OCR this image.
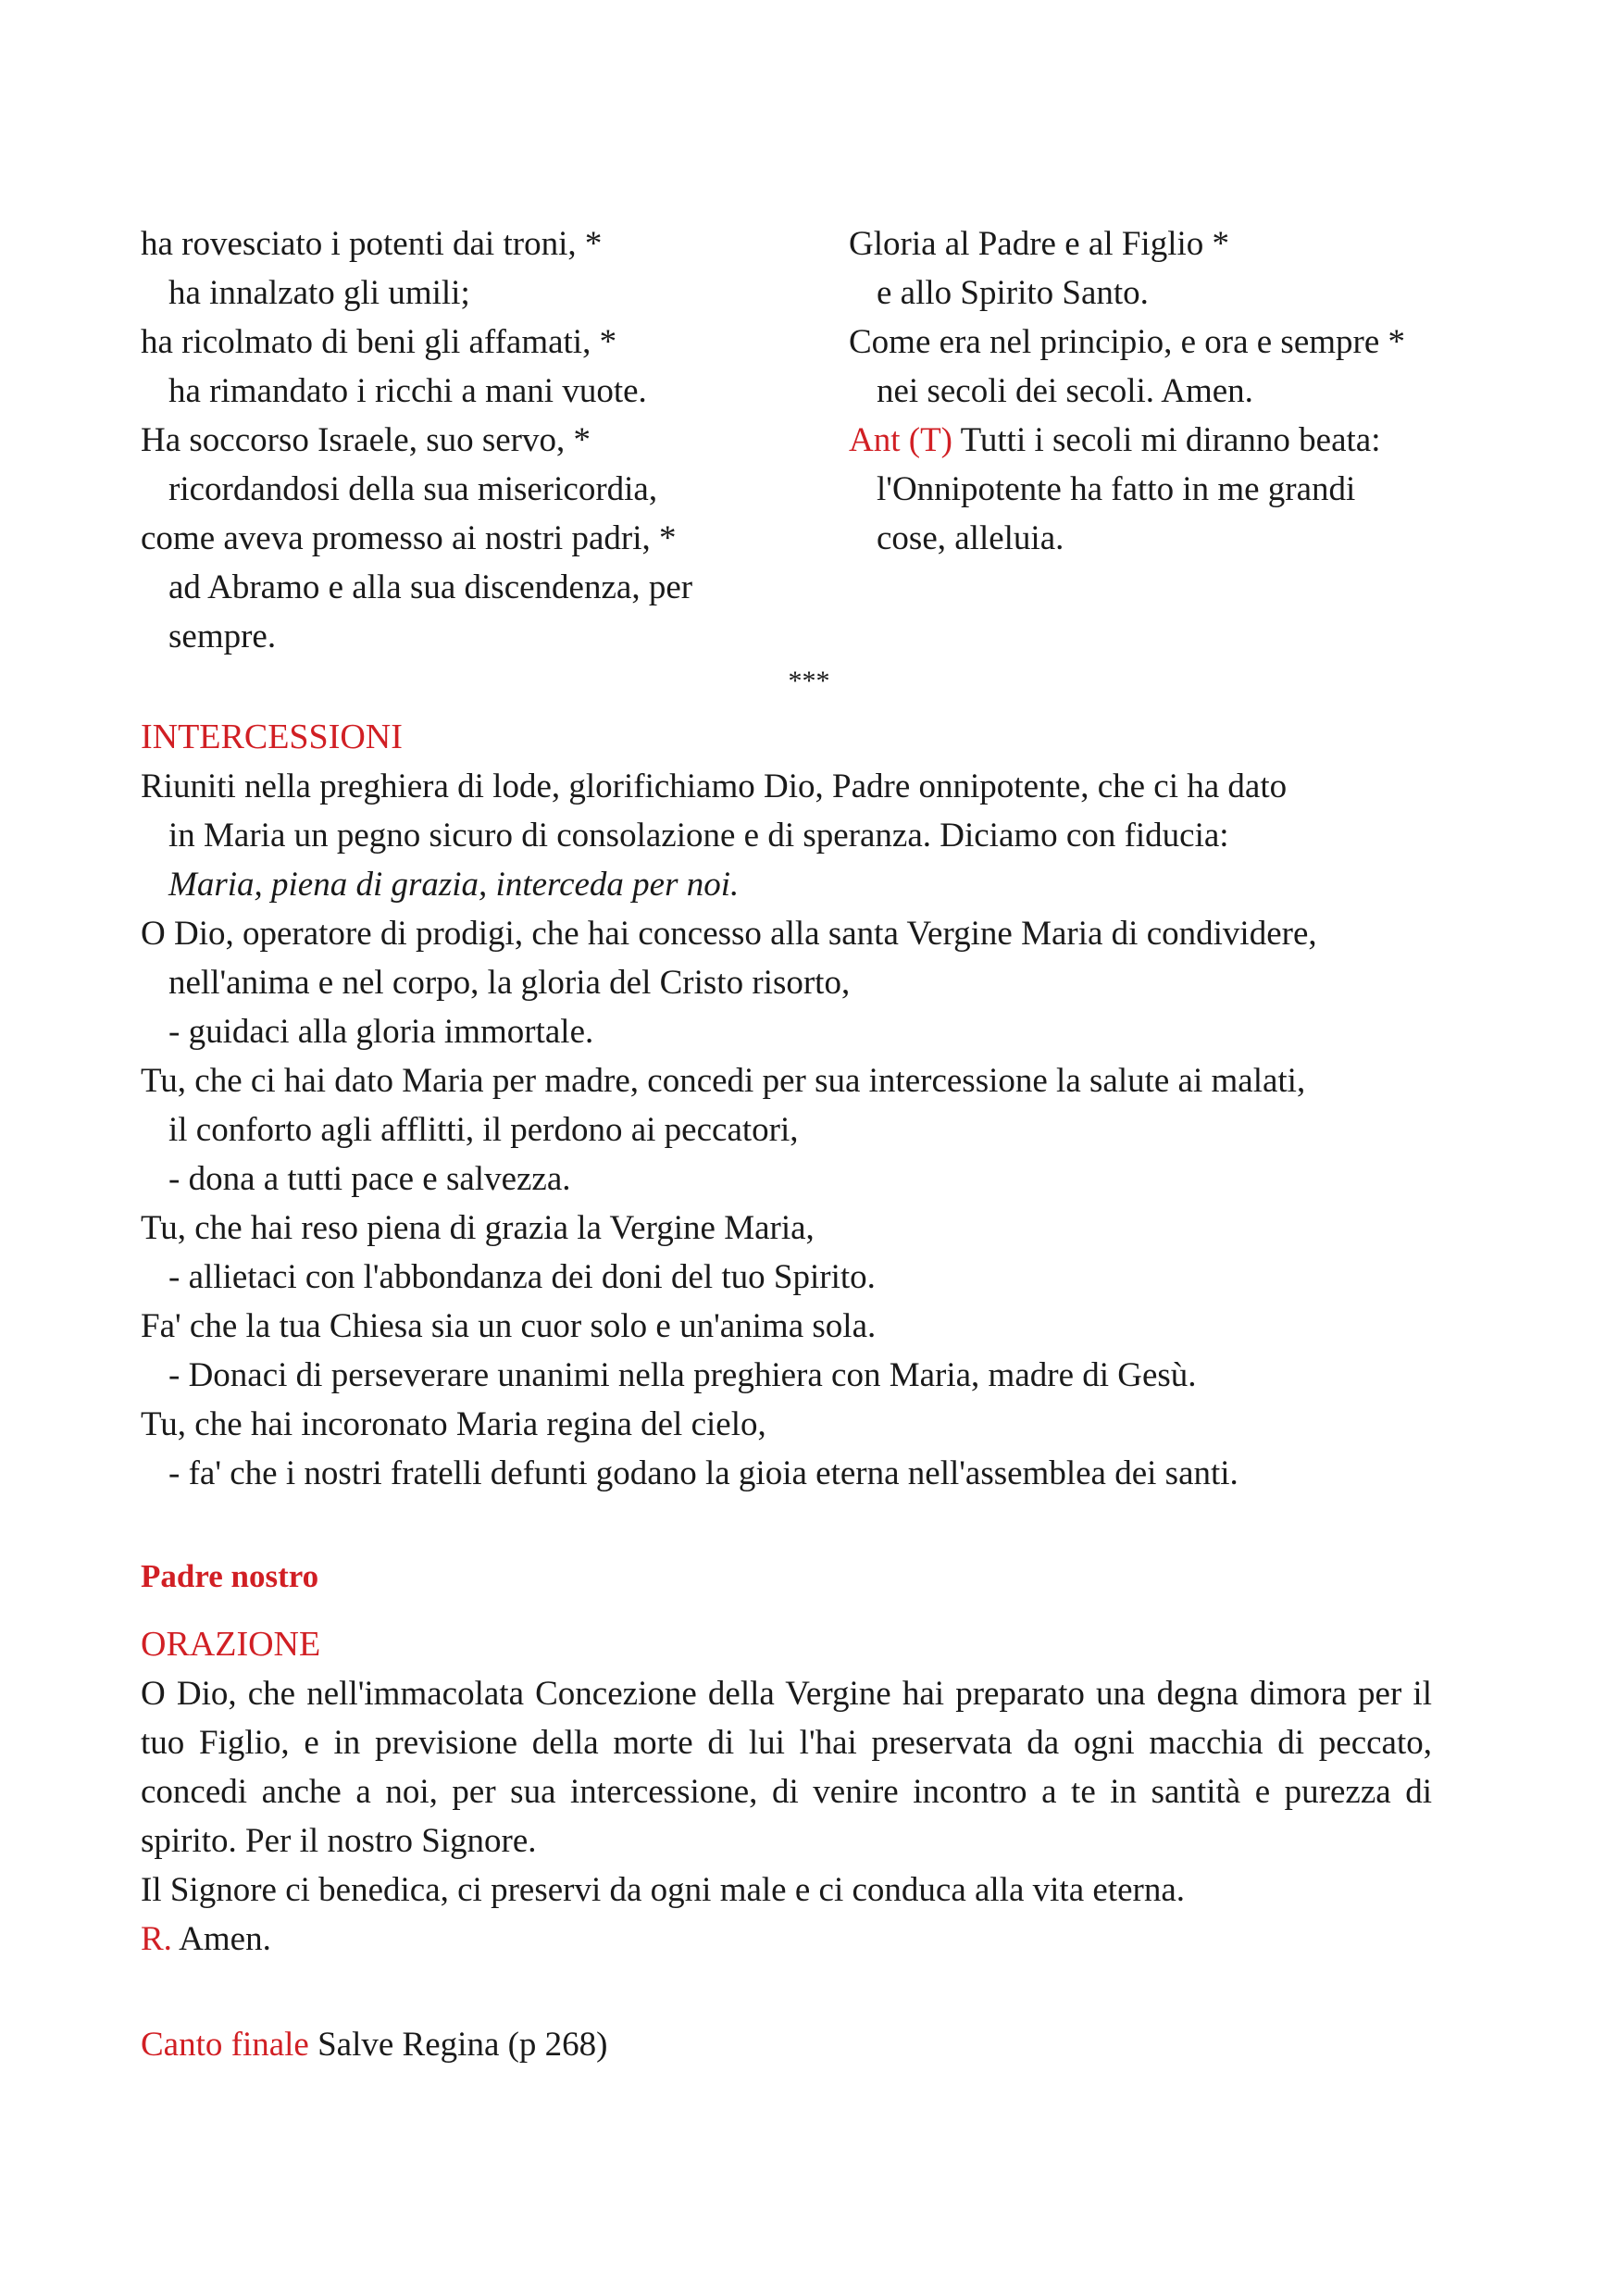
ha rovesciato i potenti dai troni, *
ha innalzato gli umili;
ha ricolmato di beni gli affamati, *
ha rimandato i ricchi a mani vuote.
Ha soccorso Israele, suo servo, *
ricordandosi della sua misericordia,
come aveva promesso ai nostri padri, *
ad Abramo e alla sua discendenza, per
sempre.
Gloria al Padre e al Figlio *
e allo Spirito Santo.
Come era nel principio, e ora e sempre *
nei secoli dei secoli. Amen.
Ant (T) Tutti i secoli mi diranno beata:
l'Onnipotente ha fatto in me grandi
cose, alleluia.
***
INTERCESSIONI
Riuniti nella preghiera di lode, glorifichiamo Dio, Padre onnipotente, che ci ha dato
in Maria un pegno sicuro di consolazione e di speranza. Diciamo con fiducia:
Maria, piena di grazia, interceda per noi.
O Dio, operatore di prodigi, che hai concesso alla santa Vergine Maria di condividere,
nell'anima e nel corpo, la gloria del Cristo risorto,
- guidaci alla gloria immortale.
Tu, che ci hai dato Maria per madre, concedi per sua intercessione la salute ai malati,
il conforto agli afflitti, il perdono ai peccatori,
- dona a tutti pace e salvezza.
Tu, che hai reso piena di grazia la Vergine Maria,
- allietaci con l'abbondanza dei doni del tuo Spirito.
Fa' che la tua Chiesa sia un cuor solo e un'anima sola.
- Donaci di perseverare unanimi nella preghiera con Maria, madre di Gesù.
Tu, che hai incoronato Maria regina del cielo,
- fa' che i nostri fratelli defunti godano la gioia eterna nell'assemblea dei santi.
Padre nostro
ORAZIONE
O Dio, che nell'immacolata Concezione della Vergine hai preparato una degna dimora per il tuo Figlio, e in previsione della morte di lui l'hai preservata da ogni macchia di peccato, concedi anche a noi, per sua intercessione, di venire incontro a te in santità e purezza di spirito. Per il nostro Signore.
Il Signore ci benedica, ci preservi da ogni male e ci conduca alla vita eterna.
R. Amen.
Canto finale Salve Regina (p 268)
